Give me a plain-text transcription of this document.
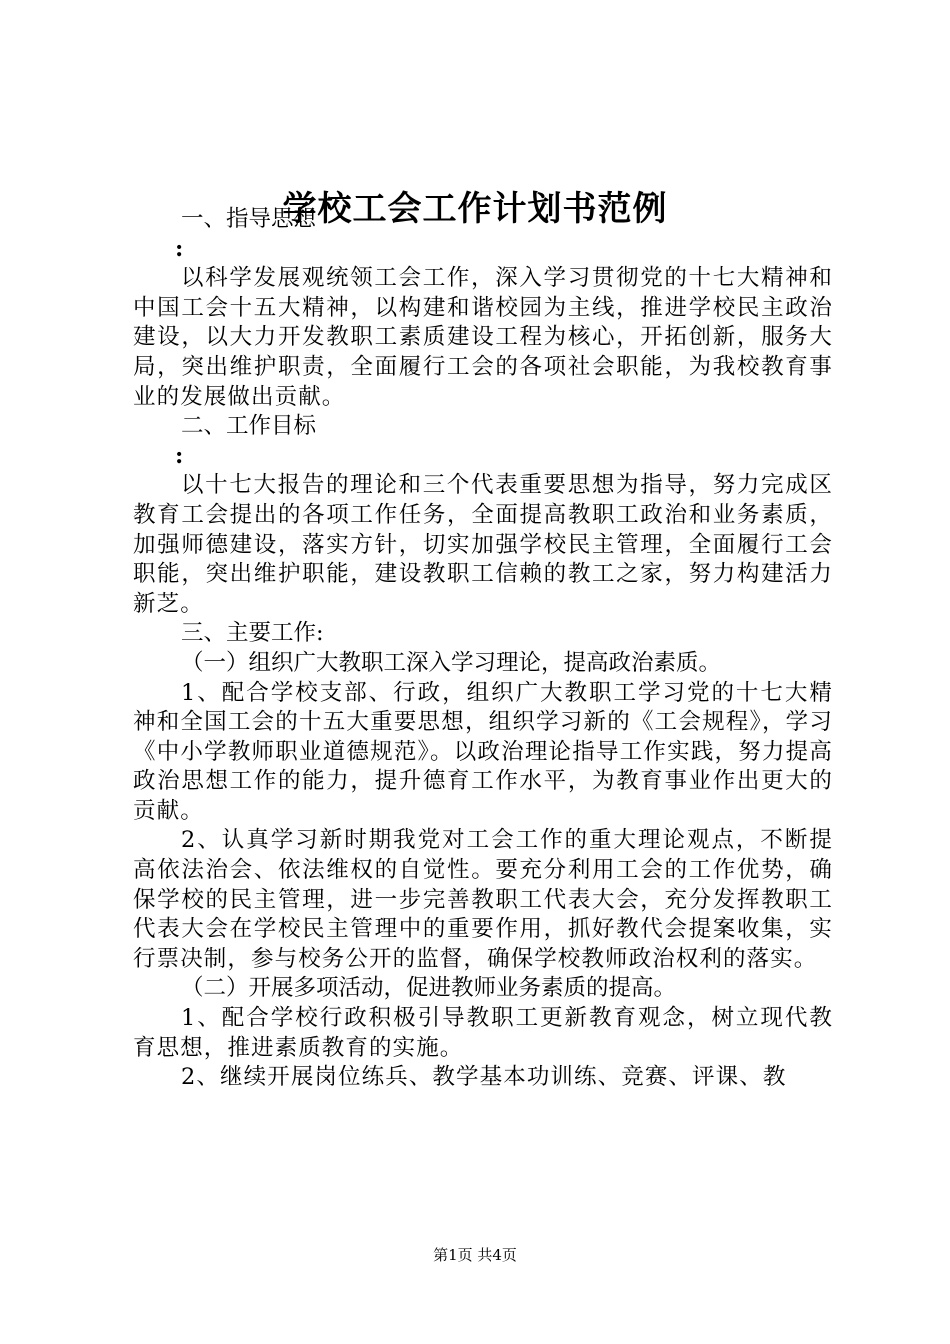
学校工会工作计划书范例

一、指导思想

:

以科学发展观统领工会工作，深入学习贯彻党的十七大精神和中国工会十五大精神，以构建和谐校园为主线，推进学校民主政治建设，以大力开发教职工素质建设工程为核心，开拓创新，服务大局，突出维护职责，全面履行工会的各项社会职能，为我校教育事业的发展做出贡献。

二、工作目标

:

以十七大报告的理论和三个代表重要思想为指导，努力完成区教育工会提出的各项工作任务，全面提高教职工政治和业务素质，加强师德建设，落实方针，切实加强学校民主管理，全面履行工会职能，突出维护职能，建设教职工信赖的教工之家，努力构建活力新芝。

三、主要工作:

（一）组织广大教职工深入学习理论，提高政治素质。

1、配合学校支部、行政，组织广大教职工学习党的十七大精神和全国工会的十五大重要思想，组织学习新的《工会规程》，学习《中小学教师职业道德规范》。以政治理论指导工作实践，努力提高政治思想工作的能力，提升德育工作水平，为教育事业作出更大的贡献。

2、认真学习新时期我党对工会工作的重大理论观点，不断提高依法治会、依法维权的自觉性。要充分利用工会的工作优势，确保学校的民主管理，进一步完善教职工代表大会，充分发挥教职工代表大会在学校民主管理中的重要作用，抓好教代会提案收集，实行票决制，参与校务公开的监督，确保学校教师政治权利的落实。

（二）开展多项活动，促进教师业务素质的提高。

1、配合学校行政积极引导教职工更新教育观念，树立现代教育思想，推进素质教育的实施。

2、继续开展岗位练兵、教学基本功训练、竞赛、评课、教

第1页 共4页
